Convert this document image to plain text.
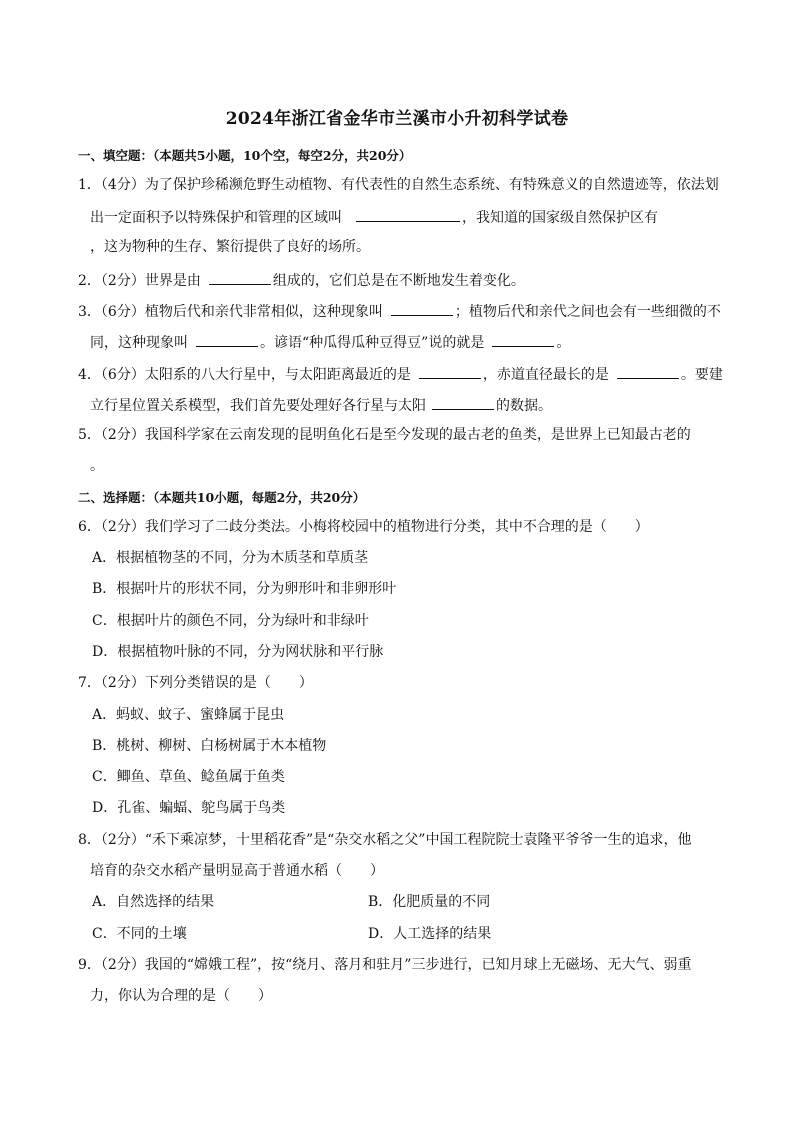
2024年浙江省金华市兰溪市小升初科学试卷
一、填空题：（本题共5小题，10个空，每空2分，共20分）
1．（4分）为了保护珍稀濒危野生动植物、有代表性的自然生态系统、有特殊意义的自然遗迹等，依法划
出一定面积予以特殊保护和管理的区域叫	，我知道的国家级自然保护区有
，这为物种的生存、繁衍提供了良好的场所。
2．（2分）世界是由	组成的，它们总是在不断地发生着变化。
3．（6分）植物后代和亲代非常相似，这种现象叫	；植物后代和亲代之间也会有一些细微的不
同，这种现象叫	。谚语“种瓜得瓜种豆得豆”说的就是	。
4．（6分）太阳系的八大行星中，与太阳距离最近的是	，赤道直径最长的是	。要建
立行星位置关系模型，我们首先要处理好各行星与太阳	的数据。
5．（2分）我国科学家在云南发现的昆明鱼化石是至今发现的最古老的鱼类，是世界上已知最古老的
。
二、选择题：（本题共10小题，每题2分，共20分）
6．（2分）我们学习了二歧分类法。小梅将校园中的植物进行分类，其中不合理的是（　　）
A．根据植物茎的不同，分为木质茎和草质茎
B．根据叶片的形状不同，分为卵形叶和非卵形叶
C．根据叶片的颜色不同，分为绿叶和非绿叶
D．根据植物叶脉的不同，分为网状脉和平行脉
7．（2分）下列分类错误的是（　　）
A．蚂蚁、蚊子、蜜蜂属于昆虫
B．桃树、柳树、白杨树属于木本植物
C．鲫鱼、草鱼、鲶鱼属于鱼类
D．孔雀、蝙蝠、鸵鸟属于鸟类
8．（2分）“禾下乘凉梦，十里稻花香”是“杂交水稻之父”中国工程院院士袁隆平爷爷一生的追求，他
培育的杂交水稻产量明显高于普通水稻（　　）
A．自然选择的结果	B．化肥质量的不同
C．不同的土壤	D．人工选择的结果
9．（2分）我国的“嫦娥工程”，按“绕月、落月和驻月”三步进行，已知月球上无磁场、无大气、弱重
力，你认为合理的是（　　）
